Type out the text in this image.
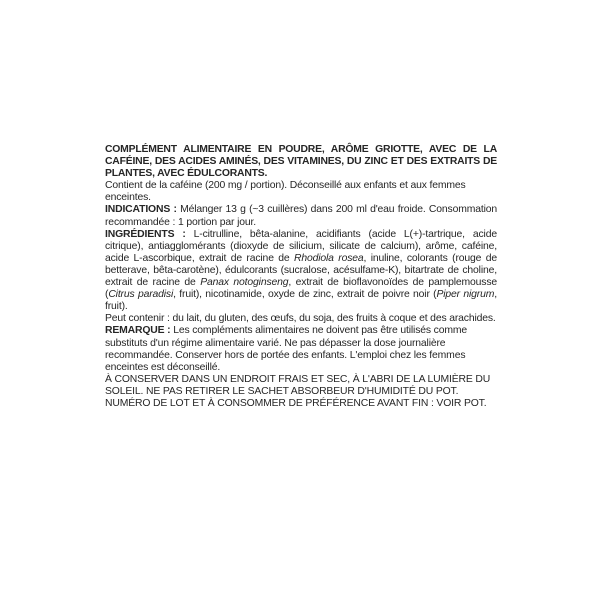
COMPLÉMENT ALIMENTAIRE EN POUDRE, ARÔME GRIOTTE, AVEC DE LA CAFÉINE, DES ACIDES AMINÉS, DES VITAMINES, DU ZINC ET DES EXTRAITS DE PLANTES, AVEC ÉDULCORANTS.

Contient de la caféine (200 mg / portion). Déconseillé aux enfants et aux femmes enceintes.

INDICATIONS : Mélanger 13 g (~3 cuillères) dans 200 ml d'eau froide. Consommation recommandée : 1 portion par jour.

INGRÉDIENTS : L-citrulline, bêta-alanine, acidifiants (acide L(+)-tartrique, acide citrique), antiagglomérants (dioxyde de silicium, silicate de calcium), arôme, caféine, acide L-ascorbique, extrait de racine de Rhodiola rosea, inuline, colorants (rouge de betterave, bêta-carotène), édulcorants (sucralose, acésulfame-K), bitartrate de choline, extrait de racine de Panax notoginseng, extrait de bioflavonoïdes de pamplemousse (Citrus paradisi, fruit), nicotinamide, oxyde de zinc, extrait de poivre noir (Piper nigrum, fruit).

Peut contenir : du lait, du gluten, des œufs, du soja, des fruits à coque et des arachides.

REMARQUE : Les compléments alimentaires ne doivent pas être utilisés comme substituts d'un régime alimentaire varié. Ne pas dépasser la dose journalière recommandée. Conserver hors de portée des enfants. L'emploi chez les femmes enceintes est déconseillé.

À CONSERVER DANS UN ENDROIT FRAIS ET SEC, À L'ABRI DE LA LUMIÈRE DU SOLEIL. NE PAS RETIRER LE SACHET ABSORBEUR D'HUMIDITÉ DU POT.

NUMÉRO DE LOT ET À CONSOMMER DE PRÉFÉRENCE AVANT FIN : VOIR POT.
